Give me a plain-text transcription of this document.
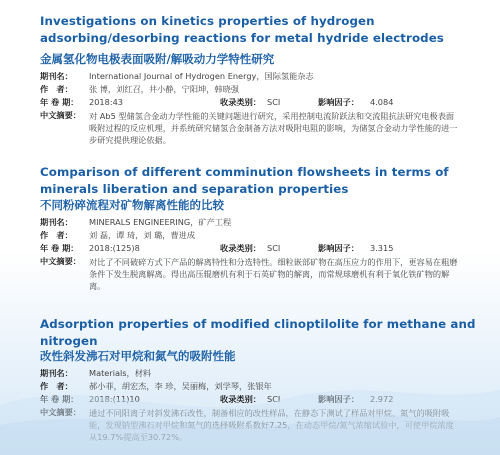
Investigations on kinetics properties of hydrogen adsorbing/desorbing reactions for metal hydride electrodes
金属氢化物电极表面吸附/解吸动力学特性研究
期刊名： International Journal of Hydrogen Energy，国际氢能杂志
作　者： 张 博，刘红召，井小静，宁阳坤，韩晓强
年 卷 期： 2018:43	收录类别： SCI	影响因子： 4.084
中文摘要： 对 Ab5 型储氢合金动力学性能的关键问题进行研究，采用控制电流阶跃法和交流阻抗法研究电极表面吸附过程的反应机理，并系统研究储氢合金制备方法对吸附电阻的影响，为储氢合金动力学性能的进一步研究提供理论依据。
Comparison of different comminution flowsheets in terms of minerals liberation and separation properties
不同粉碎流程对矿物解离性能的比较
期刊名： MINERALS ENGINEERING，矿产工程
作　者： 刘 磊，谭 琦，刘 璐，曹进成
年 卷 期： 2018:(125)8	收录类别： SCI	影响因子： 3.315
中文摘要： 对比了不同破碎方式下产品的解离特性和分选特性。细粒嵌部矿物在高压应力的作用下，更容易在粗磨条件下发生脱离解离。得出高压辊磨机有利于石英矿物的解离，而常规球磨机有利于氧化铁矿物的解离。
Adsorption properties of modified clinoptilolite for methane and nitrogen
改性斜发沸石对甲烷和氮气的吸附性能
期刊名： Materials，材料
作　者： 郝小菲，胡宏杰，李 珍，吴丽梅，刘学琴，张银年
年 卷 期： 2018:(11)10	收录类别： SCI	影响因子： 2.972
中文摘要： 通过不同阳离子对斜发沸石改性，制备相应的改性样品，在静态下测试了样品对甲烷、氮气的吸附吸能，发现钠型沸石对甲烷和氮气的选择吸附系数好7.25，在动态甲烷/氮气浓缩试验中，可使甲烷浓度从19.7%提高至30.72%。
